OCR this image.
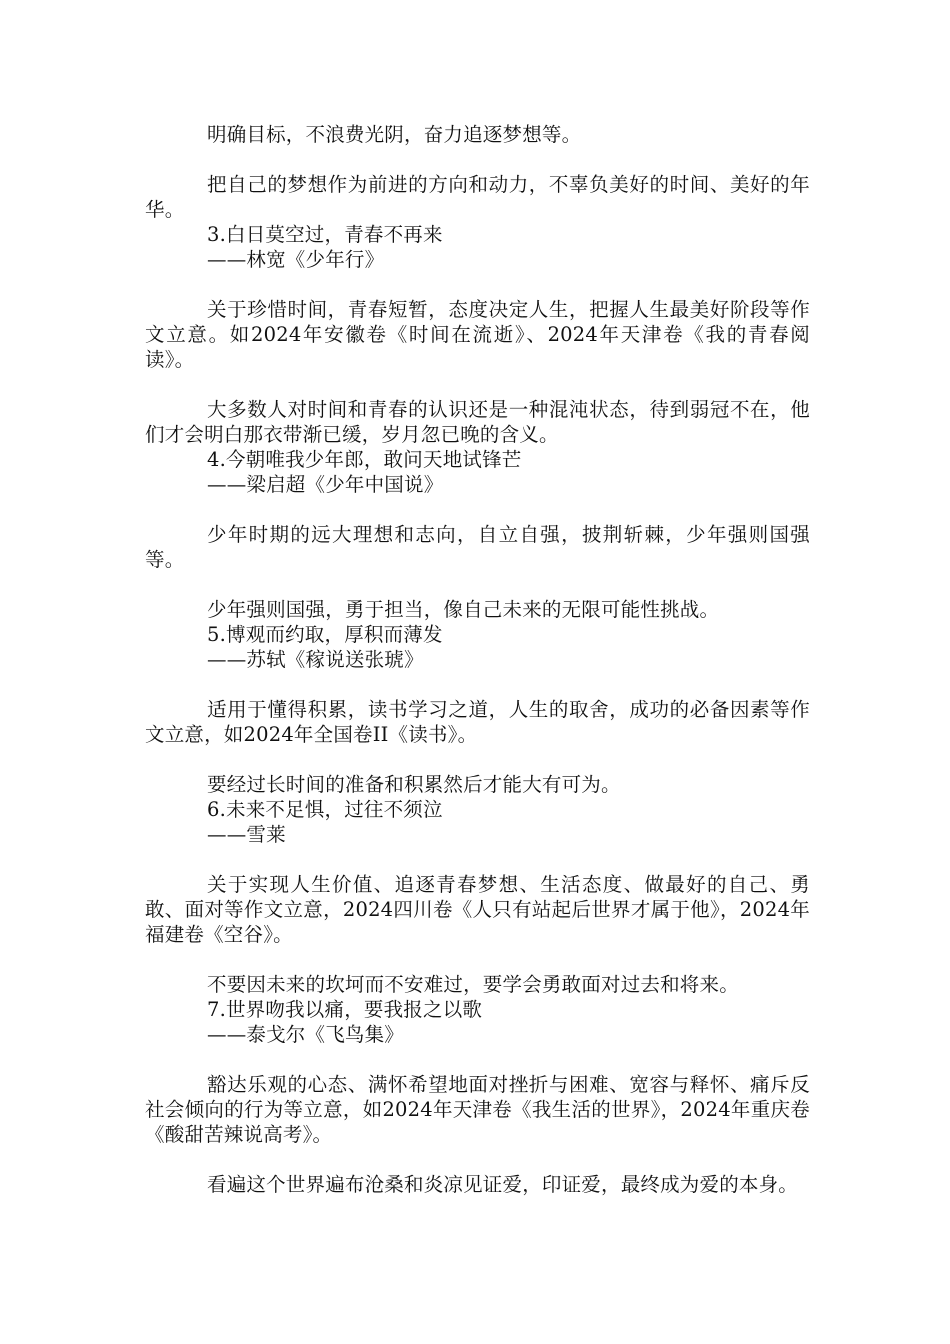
明确目标，不浪费光阴，奋力追逐梦想等。

把自己的梦想作为前进的方向和动力，不辜负美好的时间、美好的年华。

3.白日莫空过，青春不再来

——林宽《少年行》

关于珍惜时间，青春短暂，态度决定人生，把握人生最美好阶段等作文立意。如2024年安徽卷《时间在流逝》、2024年天津卷《我的青春阅读》。

大多数人对时间和青春的认识还是一种混沌状态，待到弱冠不在，他们才会明白那衣带渐已缓，岁月忽已晚的含义。

4.今朝唯我少年郎，敢问天地试锋芒

——梁启超《少年中国说》

少年时期的远大理想和志向，自立自强，披荆斩棘，少年强则国强等。

少年强则国强，勇于担当，像自己未来的无限可能性挑战。

5.博观而约取，厚积而薄发

——苏轼《稼说送张琥》

适用于懂得积累，读书学习之道，人生的取舍，成功的必备因素等作文立意，如2024年全国卷II《读书》。

要经过长时间的准备和积累然后才能大有可为。

6.未来不足惧，过往不须泣

——雪莱

关于实现人生价值、追逐青春梦想、生活态度、做最好的自己、勇敢、面对等作文立意，2024四川卷《人只有站起后世界才属于他》，2024年福建卷《空谷》。

不要因未来的坎坷而不安难过，要学会勇敢面对过去和将来。

7.世界吻我以痛，要我报之以歌

——泰戈尔《飞鸟集》

豁达乐观的心态、满怀希望地面对挫折与困难、宽容与释怀、痛斥反社会倾向的行为等立意，如2024年天津卷《我生活的世界》，2024年重庆卷《酸甜苦辣说高考》。

看遍这个世界遍布沧桑和炎凉见证爱，印证爱，最终成为爱的本身。
